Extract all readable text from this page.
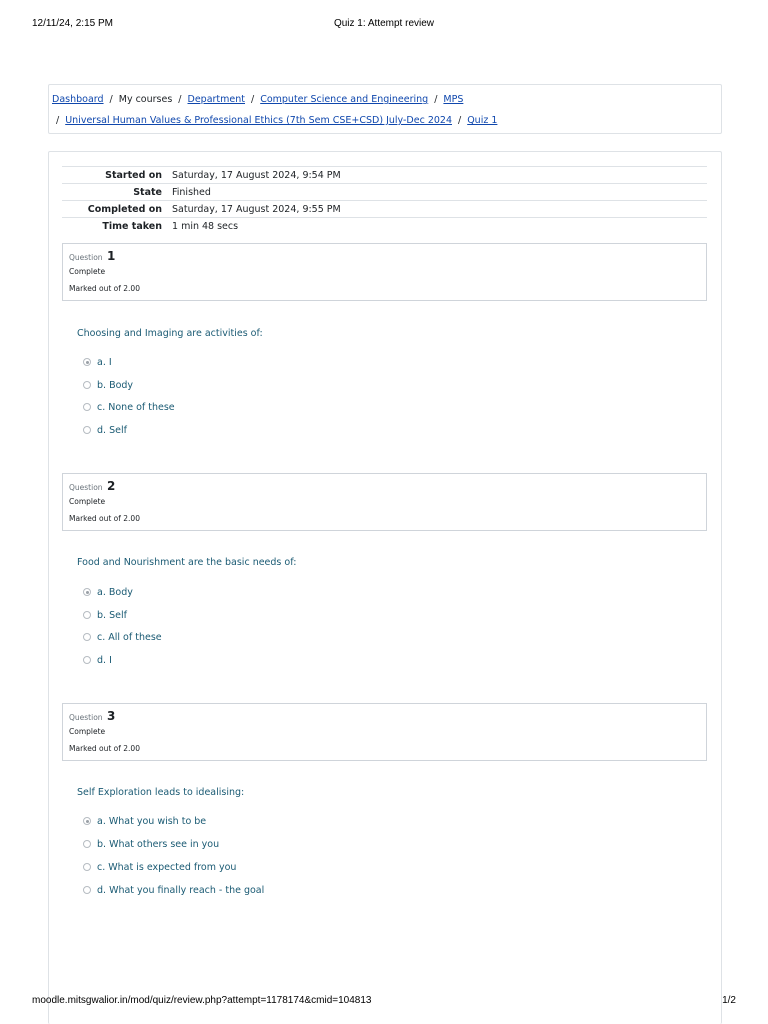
12/11/24, 2:15 PM	Quiz 1: Attempt review
Dashboard / My courses / Department / Computer Science and Engineering / MPS
/ Universal Human Values & Professional Ethics (7th Sem CSE+CSD) July-Dec 2024 / Quiz 1
Started on	Saturday, 17 August 2024, 9:54 PM
State	Finished
Completed on	Saturday, 17 August 2024, 9:55 PM
Time taken	1 min 48 secs
Question 1
Complete
Marked out of 2.00
Choosing and Imaging are activities of:
a. I
b. Body
c. None of these
d. Self
Question 2
Complete
Marked out of 2.00
Food and Nourishment are the basic needs of:
a. Body
b. Self
c. All of these
d. I
Question 3
Complete
Marked out of 2.00
Self Exploration leads to idealising:
a. What you wish to be
b. What others see in you
c. What is expected from you
d. What you finally reach - the goal
moodle.mitsgwalior.in/mod/quiz/review.php?attempt=1178174&cmid=104813	1/2
